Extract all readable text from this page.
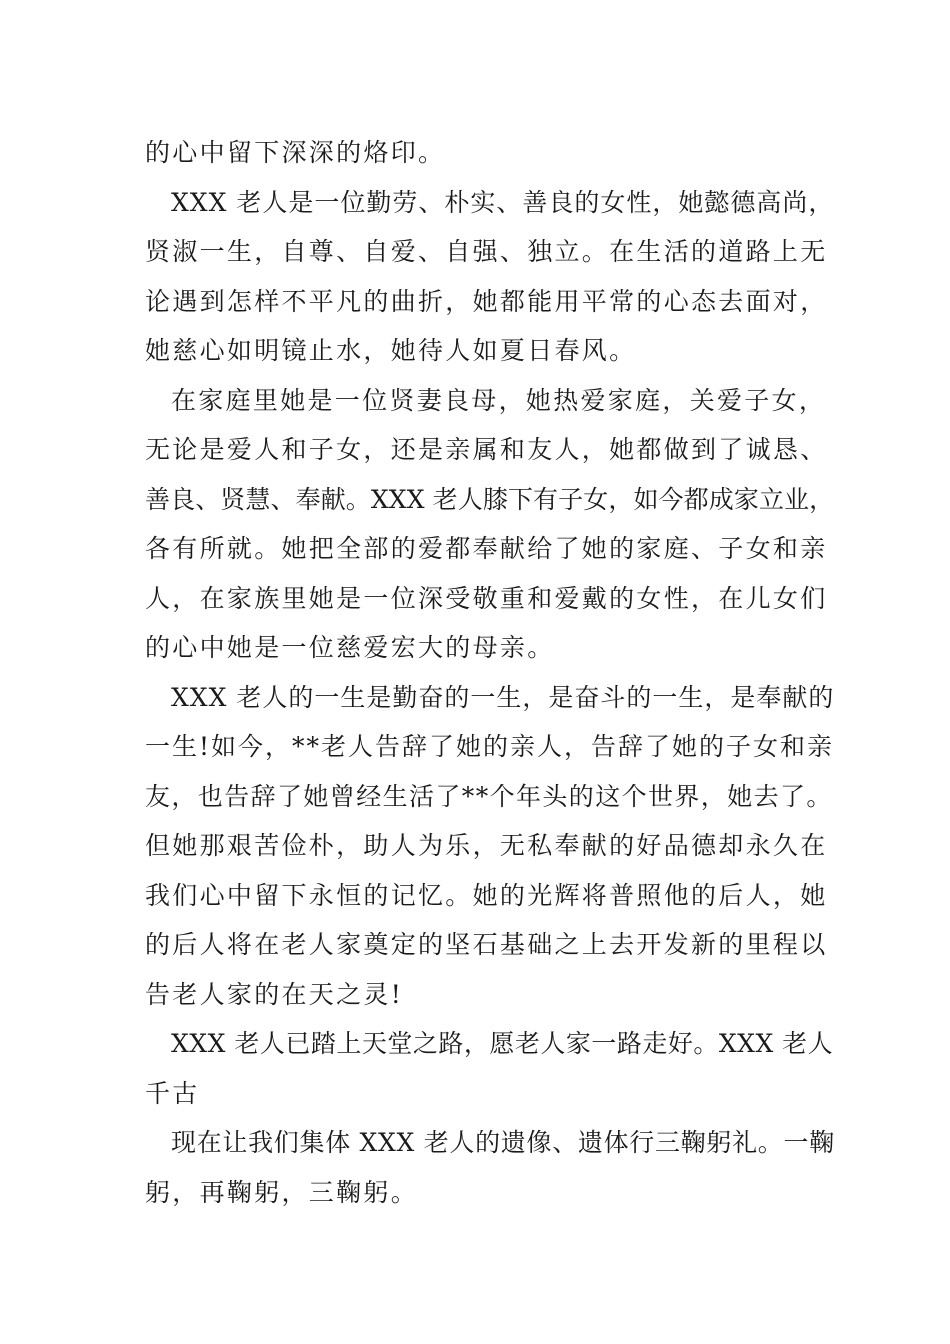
的心中留下深深的烙印。
XXX 老人是一位勤劳、朴实、善良的女性，她懿德高尚，
贤淑一生，自尊、自爱、自强、独立。在生活的道路上无
论遇到怎样不平凡的曲折，她都能用平常的心态去面对，
她慈心如明镜止水，她待人如夏日春风。
在家庭里她是一位贤妻良母，她热爱家庭，关爱子女，
无论是爱人和子女，还是亲属和友人，她都做到了诚恳、
善良、贤慧、奉献。XXX 老人膝下有子女，如今都成家立业，
各有所就。她把全部的爱都奉献给了她的家庭、子女和亲
人，在家族里她是一位深受敬重和爱戴的女性，在儿女们
的心中她是一位慈爱宏大的母亲。
XXX 老人的一生是勤奋的一生，是奋斗的一生，是奉献的
一生!如今，**老人告辞了她的亲人，告辞了她的子女和亲
友，也告辞了她曾经生活了**个年头的这个世界，她去了。
但她那艰苦俭朴，助人为乐，无私奉献的好品德却永久在
我们心中留下永恒的记忆。她的光辉将普照他的后人，她
的后人将在老人家奠定的坚石基础之上去开发新的里程以
告老人家的在天之灵!
XXX 老人已踏上天堂之路，愿老人家一路走好。XXX 老人
千古
现在让我们集体 XXX 老人的遗像、遗体行三鞠躬礼。一鞠
躬，再鞠躬，三鞠躬。
